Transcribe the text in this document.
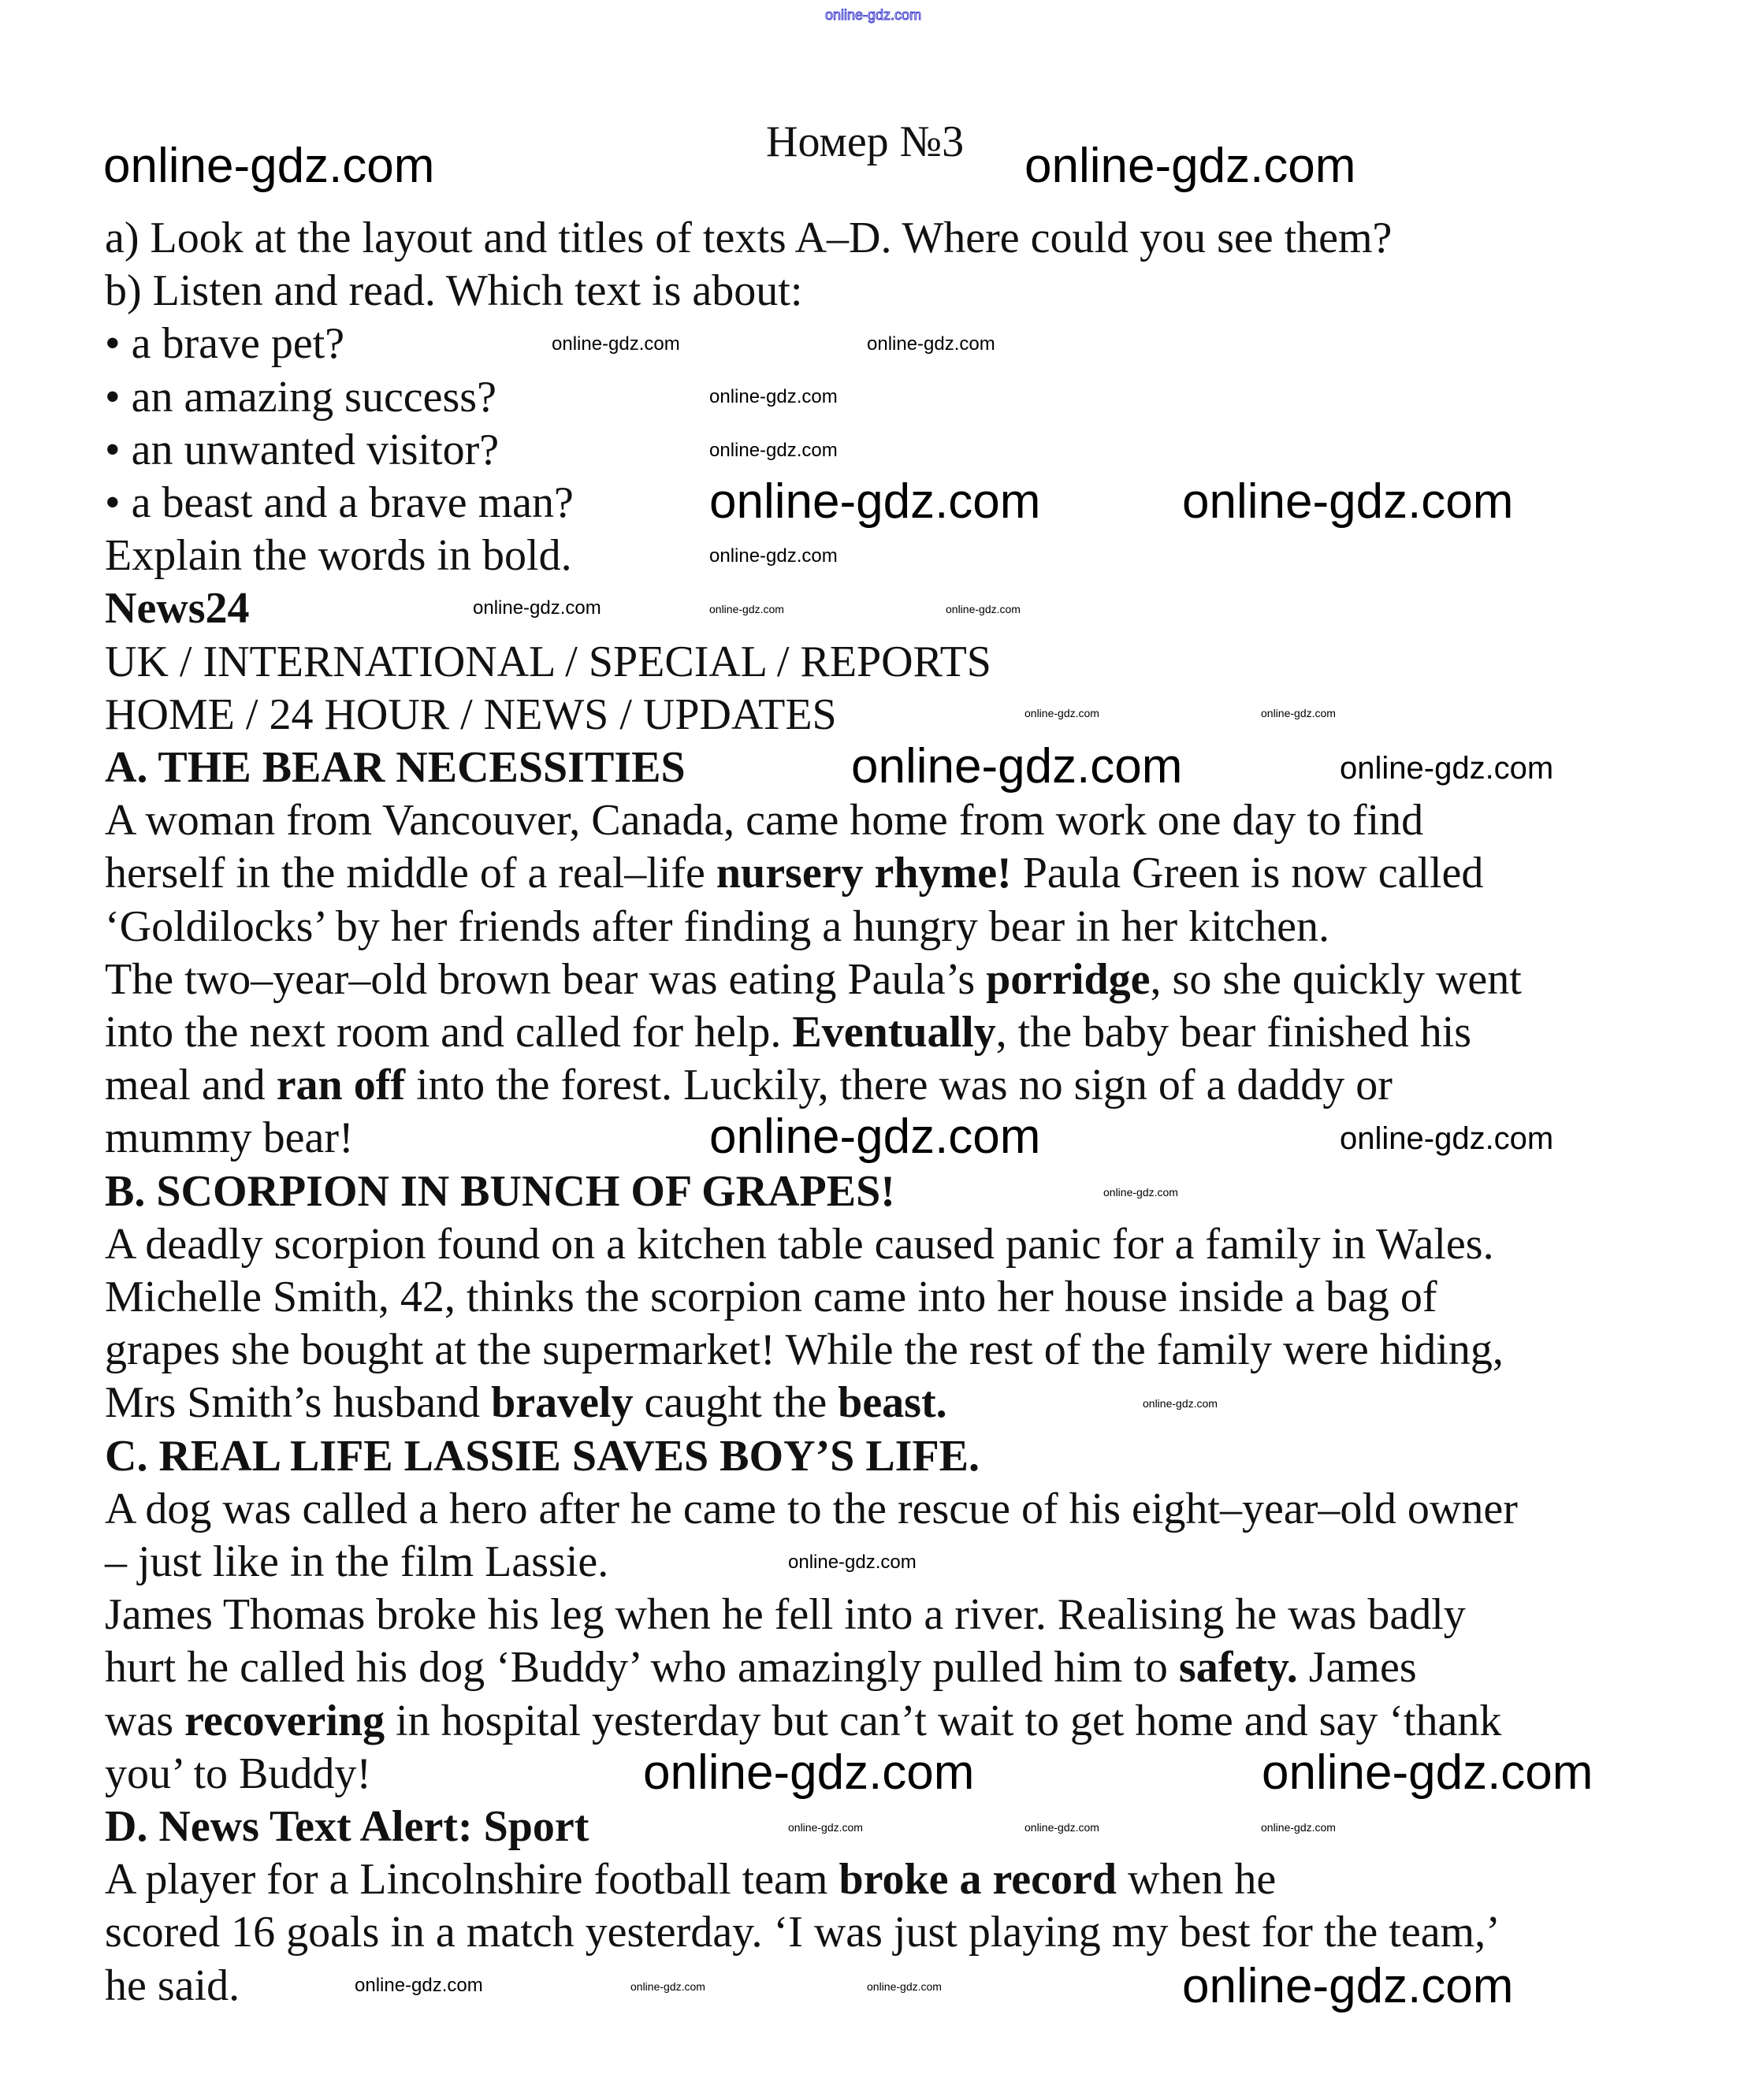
Номер №3
a) Look at the layout and titles of texts A–D. Where could you see them?
b) Listen and read. Which text is about:
• a brave pet?
• an amazing success?
• an unwanted visitor?
• a beast and a brave man?
Explain the words in bold.
News24
UK / INTERNATIONAL / SPECIAL / REPORTS
HOME / 24 HOUR / NEWS / UPDATES
A. THE BEAR NECESSITIES
A woman from Vancouver, Canada, came home from work one day to find
herself in the middle of a real–life nursery rhyme! Paula Green is now called
‘Goldilocks’ by her friends after finding a hungry bear in her kitchen.
The two–year–old brown bear was eating Paula’s porridge, so she quickly went
into the next room and called for help. Eventually, the baby bear finished his
meal and ran off into the forest. Luckily, there was no sign of a daddy or
mummy bear!
B. SCORPION IN BUNCH OF GRAPES!
A deadly scorpion found on a kitchen table caused panic for a family in Wales.
Michelle Smith, 42, thinks the scorpion came into her house inside a bag of
grapes she bought at the supermarket! While the rest of the family were hiding,
Mrs Smith’s husband bravely caught the beast.
C. REAL LIFE LASSIE SAVES BOY’S LIFE.
A dog was called a hero after he came to the rescue of his eight–year–old owner
– just like in the film Lassie.
James Thomas broke his leg when he fell into a river. Realising he was badly
hurt he called his dog ‘Buddy’ who amazingly pulled him to safety. James
was recovering in hospital yesterday but can’t wait to get home and say ‘thank
you’ to Buddy!
D. News Text Alert: Sport
A player for a Lincolnshire football team broke a record when he
scored 16 goals in a match yesterday. ‘I was just playing my best for the team,’
he said.
online-gdz.com
online-gdz.com	online-gdz.com
online-gdz.com	online-gdz.com
online-gdz.com
online-gdz.com
online-gdz.com	online-gdz.com
online-gdz.com
online-gdz.com	online-gdz.com	online-gdz.com
online-gdz.com	online-gdz.com
online-gdz.com	online-gdz.com
online-gdz.com	online-gdz.com
online-gdz.com
online-gdz.com
online-gdz.com
online-gdz.com	online-gdz.com
online-gdz.com	online-gdz.com	online-gdz.com
online-gdz.com	online-gdz.com	online-gdz.com	online-gdz.com
